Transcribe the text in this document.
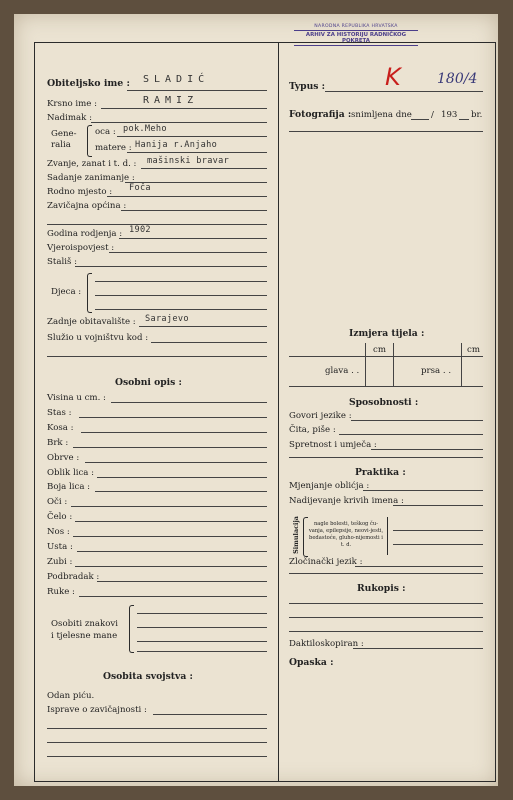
NARODNA REPUBLIKA HRVATSKA
ARHIV ZA HISTORIJU RADNIČKOG POKRETA
Obiteljsko ime : SLADIĆ
Krsno ime :	RAMIZ
Nadimak :
Gene-
ralia
oca : pok.Meho
matere : Hanija r.Anjaho
Zvanje, zanat i t. d. : mašinski bravar
Sadanje zanimanje :
Rodno mjesto : Foča
Zavičajna općina :
Godina rodjenja : 1902
Vjeroispovjest :
Stališ :
Djeca :
Zadnje obitavalište : Sarajevo
Služio u vojništvu kod :
Osobni opis :
Visina u cm. :
Stas :
Kosa :
Brk :
Obrve :
Oblik lica :
Boja lica :
Oči :
Čelo :
Nos :
Usta :
Zubi :
Podbradak :
Ruke :
Osobiti znakovi
i tjelesne mane
Osobita svojstva :
Odan piću.
Isprave o zavičajnosti :
Typus : K	180/4
Fotografija : snimljena dne / 193 br.
Izmjera tijela :
cm	cm
glava . .	prsa . .
Sposobnosti :
Govori jezike :
Čita, piše :
Spretnost i umječa :
Praktika :
Mjenjanje oblićja :
Nadijevanje krivih imena :
Simulacija	nagle bolesti, teškog ču-vanja, epilepsije, neovi-jesti, bedastoće, gluho-nijemosti i t. d.
Zločinački jezik :
Rukopis :
Daktiloskopiran :
Opaska :
